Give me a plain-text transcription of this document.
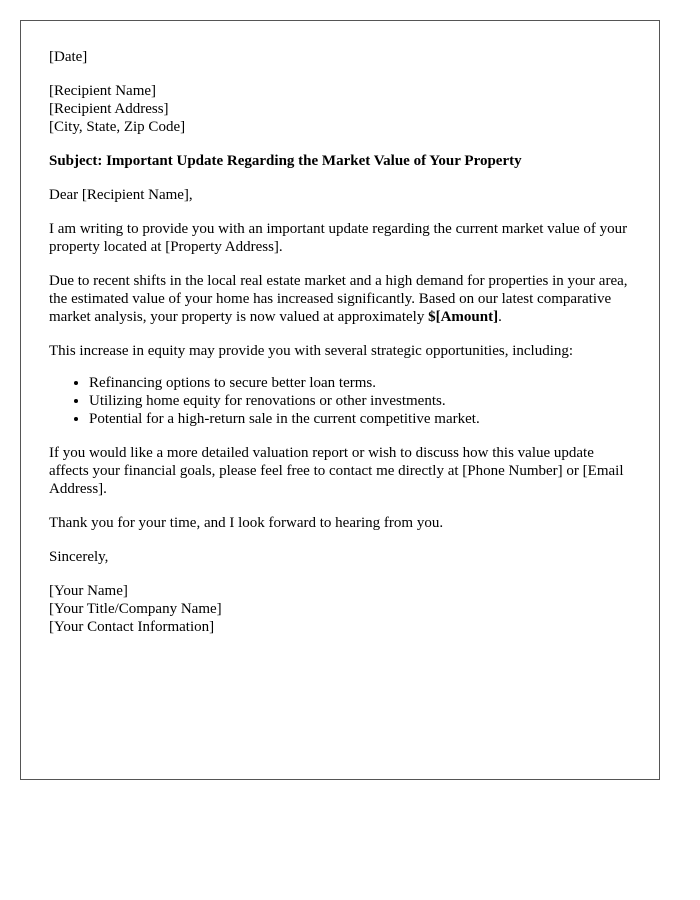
[Date]
[Recipient Name]
[Recipient Address]
[City, State, Zip Code]

Subject: Important Update Regarding the Market Value of Your Property

Dear [Recipient Name],

I am writing to provide you with an important update regarding the current market value of your property located at [Property Address].

Due to recent shifts in the local real estate market and a high demand for properties in your area, the estimated value of your home has increased significantly. Based on our latest comparative market analysis, your property is now valued at approximately $[Amount].

This increase in equity may provide you with several strategic opportunities, including:

• Refinancing options to secure better loan terms.
• Utilizing home equity for renovations or other investments.
• Potential for a high-return sale in the current competitive market.

If you would like a more detailed valuation report or wish to discuss how this value update affects your financial goals, please feel free to contact me directly at [Phone Number] or [Email Address].

Thank you for your time, and I look forward to hearing from you.

Sincerely,

[Your Name]
[Your Title/Company Name]
[Your Contact Information]
